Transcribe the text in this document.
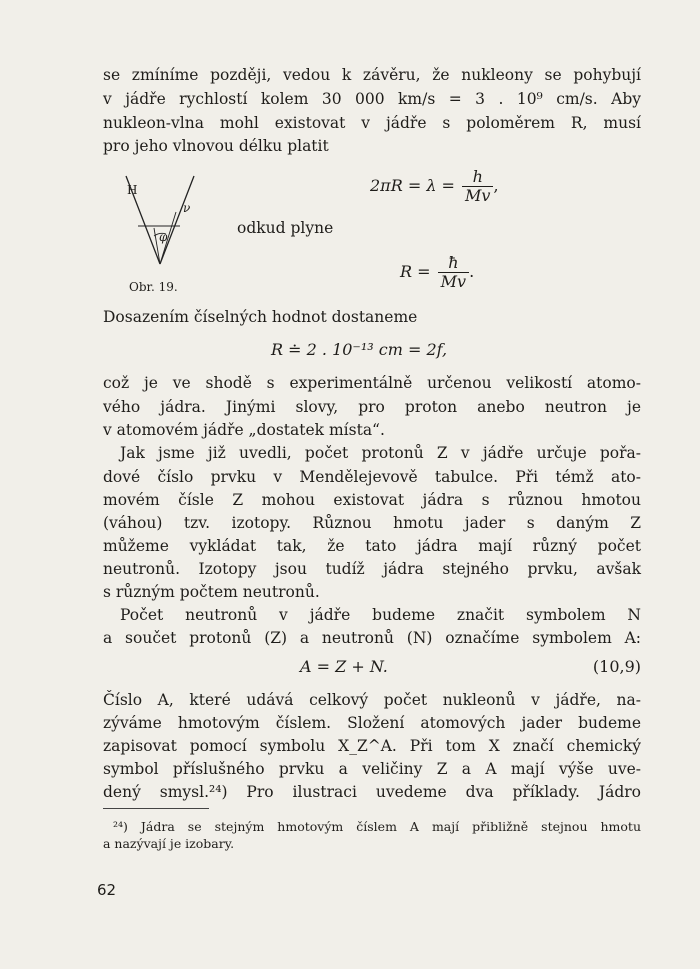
se zmíníme později, vedou k závěru, že nukleony se pohybují
v jádře rychlostí kolem 30 000 km/s = 3 . 10⁹ cm/s. Aby
nukleon-vlna mohl existovat v jádře s poloměrem R, musí
pro jeho vlnovou délku platit
H
ν
φ
Obr. 19.
$2\pi R = \lambda = \frac{h}{Mv}$ ,
odkud plyne
$R = \frac{ħ}{Mv}$ .
Dosazením číselných hodnot dostaneme
R ≐ 2 . 10⁻¹³ cm = 2f,
což je ve shodě s experimentálně určenou velikostí atomo-
vého jádra. Jinými slovy, pro proton anebo neutron je
v atomovém jádře „dostatek místa“.
Jak jsme již uvedli, počet protonů Z v jádře určuje pořa-
dové číslo prvku v Mendělejevově tabulce. Při témž ato-
movém čísle Z mohou existovat jádra s různou hmotou
(váhou) tzv. izotopy. Různou hmotu jader s daným Z
můžeme vykládat tak, že tato jádra mají různý počet
neutronů. Izotopy jsou tudíž jádra stejného prvku, avšak
s různým počtem neutronů.
Počet neutronů v jádře budeme značit symbolem N
a součet protonů (Z) a neutronů (N) označíme symbolem A:
A = Z + N.	(10,9)
Číslo A, které udává celkový počet nukleonů v jádře, na-
zýváme hmotovým číslem. Složení atomových jader budeme
zapisovat pomocí symbolu X_Z^A. Při tom X značí chemický
symbol příslušného prvku a veličiny Z a A mají výše uve-
dený smysl.²⁴) Pro ilustraci uvedeme dva příklady. Jádro
²⁴) Jádra se stejným hmotovým číslem A mají přibližně stejnou hmotu
a nazývají je izobary.
62
